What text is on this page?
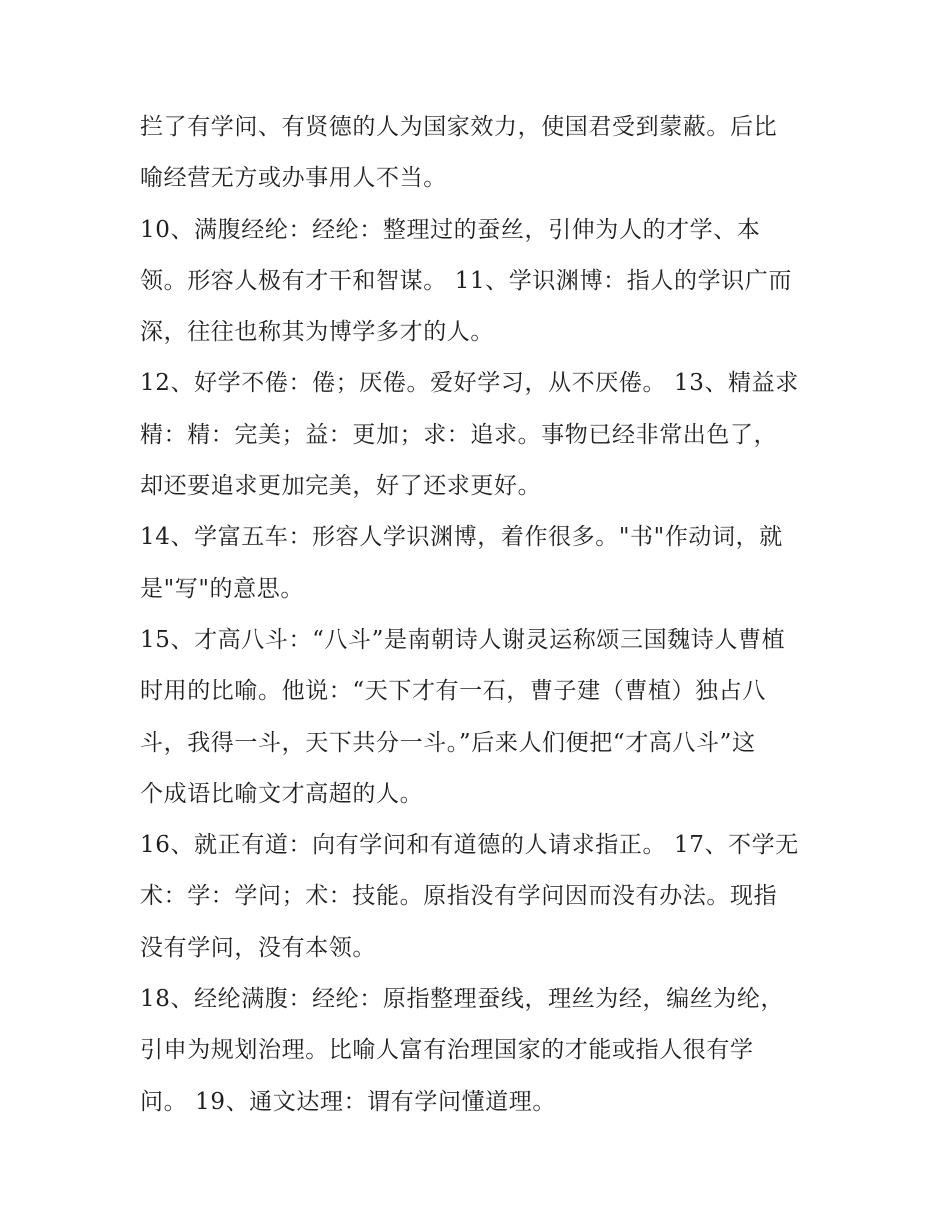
拦了有学问、有贤德的人为国家效力，使国君受到蒙蔽。后比

喻经营无方或办事用人不当。

10、满腹经纶：经纶：整理过的蚕丝，引伸为人的才学、本

领。形容人极有才干和智谋。 11、学识渊博：指人的学识广而

深，往往也称其为博学多才的人。

12、好学不倦：倦；厌倦。爱好学习，从不厌倦。 13、精益求

精：精：完美；益：更加；求：追求。事物已经非常出色了，

却还要追求更加完美，好了还求更好。

14、学富五车：形容人学识渊博，着作很多。"书"作动词，就

是"写"的意思。

15、才高八斗：“八斗”是南朝诗人谢灵运称颂三国魏诗人曹植

时用的比喻。他说：“天下才有一石，曹子建（曹植）独占八

斗，我得一斗，天下共分一斗。”后来人们便把“才高八斗”这

个成语比喻文才高超的人。

16、就正有道：向有学问和有道德的人请求指正。 17、不学无

术：学：学问；术：技能。原指没有学问因而没有办法。现指

没有学问，没有本领。

18、经纶满腹：经纶：原指整理蚕线，理丝为经，编丝为纶，

引申为规划治理。比喻人富有治理国家的才能或指人很有学

问。 19、通文达理：谓有学问懂道理。
